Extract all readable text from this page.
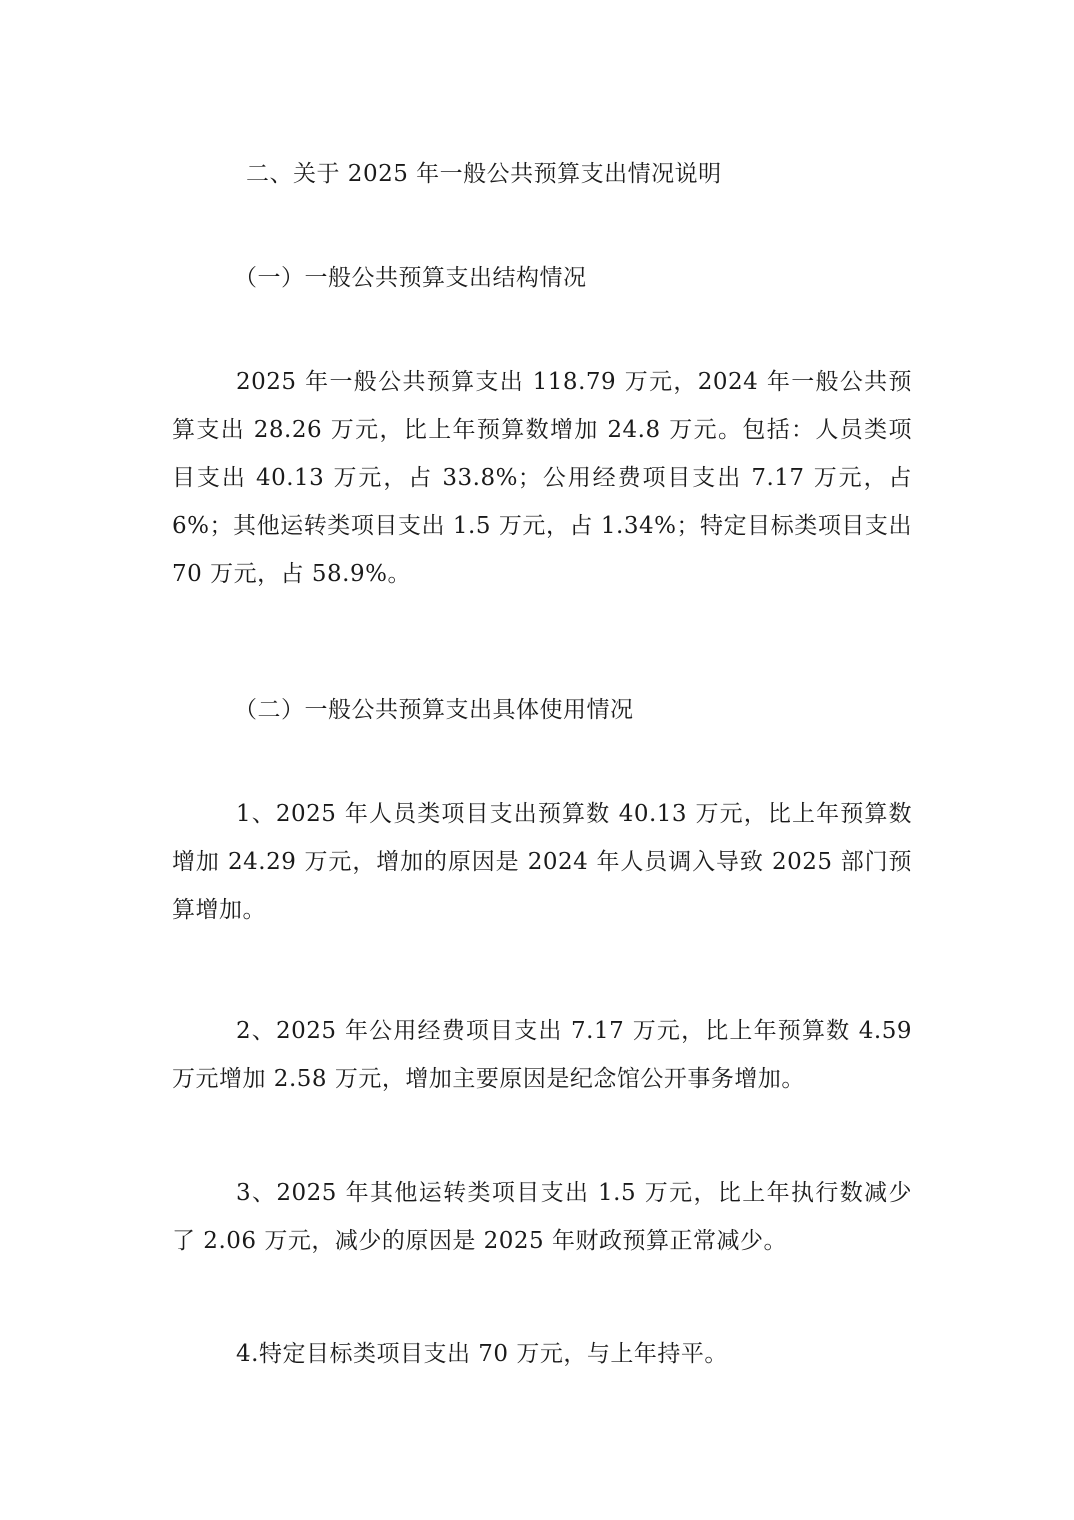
二、关于 2025 年一般公共预算支出情况说明
（一）一般公共预算支出结构情况

2025 年一般公共预算支出 118.79 万元，2024 年一般公共预算支出 28.26 万元，比上年预算数增加 24.8 万元。包括：人员类项目支出 40.13 万元，占 33.8%；公用经费项目支出 7.17 万元，占 6%；其他运转类项目支出 1.5 万元，占 1.34%；特定目标类项目支出 70 万元，占 58.9%。

（二）一般公共预算支出具体使用情况

1、2025 年人员类项目支出预算数 40.13 万元，比上年预算数增加 24.29 万元，增加的原因是 2024 年人员调入导致 2025 部门预算增加。

2、2025 年公用经费项目支出 7.17 万元，比上年预算数 4.59 万元增加 2.58 万元，增加主要原因是纪念馆公开事务增加。

3、2025 年其他运转类项目支出 1.5 万元，比上年执行数减少了 2.06 万元，减少的原因是 2025 年财政预算正常减少。

4.特定目标类项目支出 70 万元，与上年持平。
